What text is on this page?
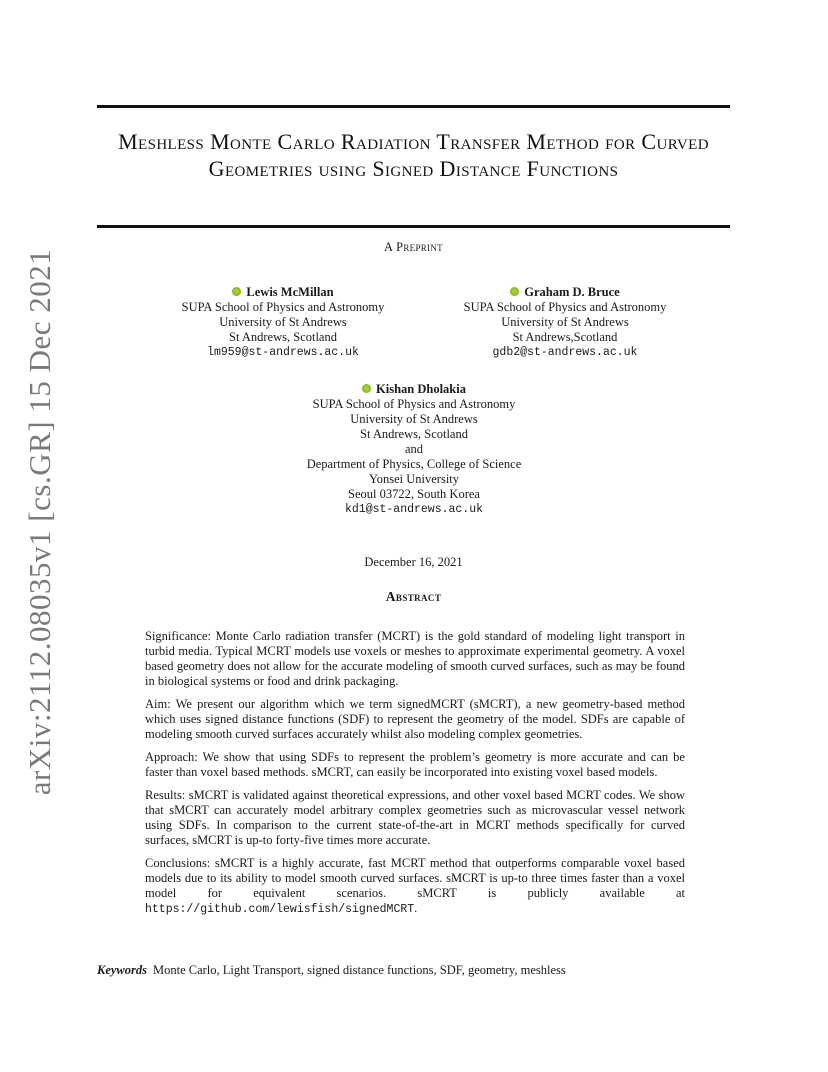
arXiv:2112.08035v1 [cs.GR] 15 Dec 2021
Meshless Monte Carlo Radiation Transfer Method for Curved Geometries using Signed Distance Functions
A Preprint
Lewis McMillan
SUPA School of Physics and Astronomy
University of St Andrews
St Andrews, Scotland
lm959@st-andrews.ac.uk
Graham D. Bruce
SUPA School of Physics and Astronomy
University of St Andrews
St Andrews,Scotland
gdb2@st-andrews.ac.uk
Kishan Dholakia
SUPA School of Physics and Astronomy
University of St Andrews
St Andrews, Scotland
and
Department of Physics, College of Science
Yonsei University
Seoul 03722, South Korea
kd1@st-andrews.ac.uk
December 16, 2021
Abstract

Significance: Monte Carlo radiation transfer (MCRT) is the gold standard of modeling light transport in turbid media. Typical MCRT models use voxels or meshes to approximate experimental geometry. A voxel based geometry does not allow for the accurate modeling of smooth curved surfaces, such as may be found in biological systems or food and drink packaging.

Aim: We present our algorithm which we term signedMCRT (sMCRT), a new geometry-based method which uses signed distance functions (SDF) to represent the geometry of the model. SDFs are capable of modeling smooth curved surfaces accurately whilst also modeling complex geometries.

Approach: We show that using SDFs to represent the problem’s geometry is more accurate and can be faster than voxel based methods. sMCRT, can easily be incorporated into existing voxel based models.

Results: sMCRT is validated against theoretical expressions, and other voxel based MCRT codes. We show that sMCRT can accurately model arbitrary complex geometries such as microvascular vessel network using SDFs. In comparison to the current state-of-the-art in MCRT methods specifically for curved surfaces, sMCRT is up-to forty-five times more accurate.

Conclusions: sMCRT is a highly accurate, fast MCRT method that outperforms comparable voxel based models due to its ability to model smooth curved surfaces. sMCRT is up-to three times faster than a voxel model for equivalent scenarios. sMCRT is publicly available at https://github.com/lewisfish/signedMCRT.

Keywords Monte Carlo, Light Transport, signed distance functions, SDF, geometry, meshless
